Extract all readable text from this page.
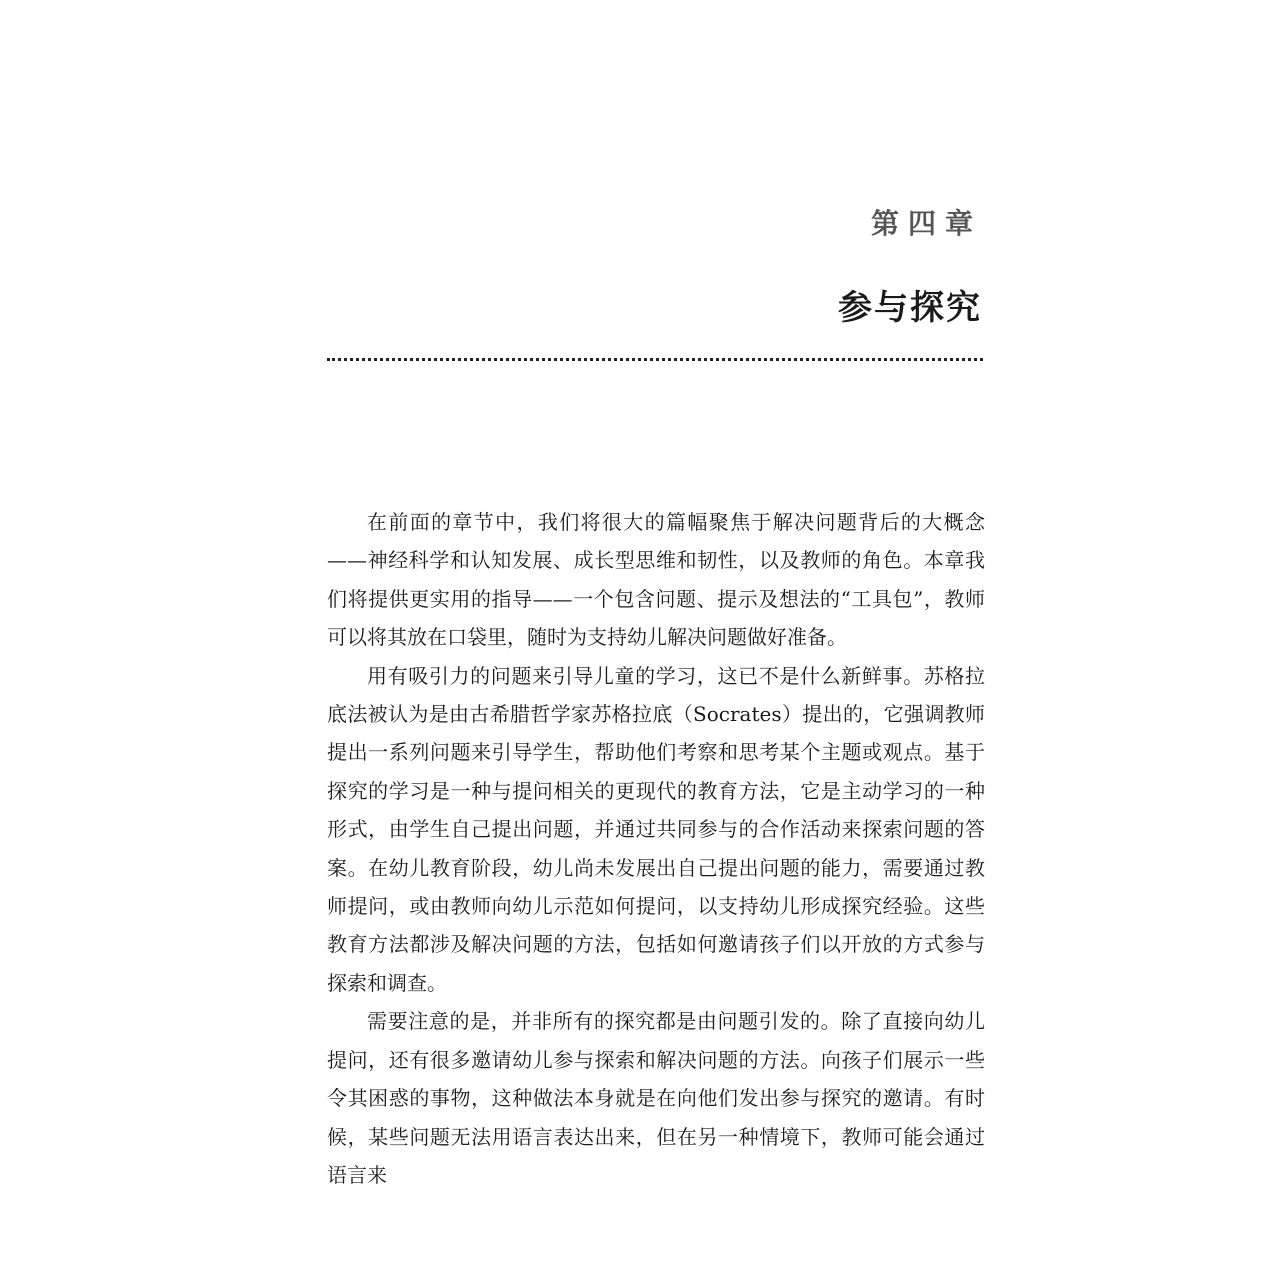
第四章
参与探究

在前面的章节中，我们将很大的篇幅聚焦于解决问题背后的大概念——神经科学和认知发展、成长型思维和韧性，以及教师的角色。本章我们将提供更实用的指导——一个包含问题、提示及想法的“工具包”，教师可以将其放在口袋里，随时为支持幼儿解决问题做好准备。

用有吸引力的问题来引导儿童的学习，这已不是什么新鲜事。苏格拉底法被认为是由古希腊哲学家苏格拉底（Socrates）提出的，它强调教师提出一系列问题来引导学生，帮助他们考察和思考某个主题或观点。基于探究的学习是一种与提问相关的更现代的教育方法，它是主动学习的一种形式，由学生自己提出问题，并通过共同参与的合作活动来探索问题的答案。在幼儿教育阶段，幼儿尚未发展出自己提出问题的能力，需要通过教师提问，或由教师向幼儿示范如何提问，以支持幼儿形成探究经验。这些教育方法都涉及解决问题的方法，包括如何邀请孩子们以开放的方式参与探索和调查。

需要注意的是，并非所有的探究都是由问题引发的。除了直接向幼儿提问，还有很多邀请幼儿参与探索和解决问题的方法。向孩子们展示一些令其困惑的事物，这种做法本身就是在向他们发出参与探究的邀请。有时候，某些问题无法用语言表达出来，但在另一种情境下，教师可能会通过语言来
